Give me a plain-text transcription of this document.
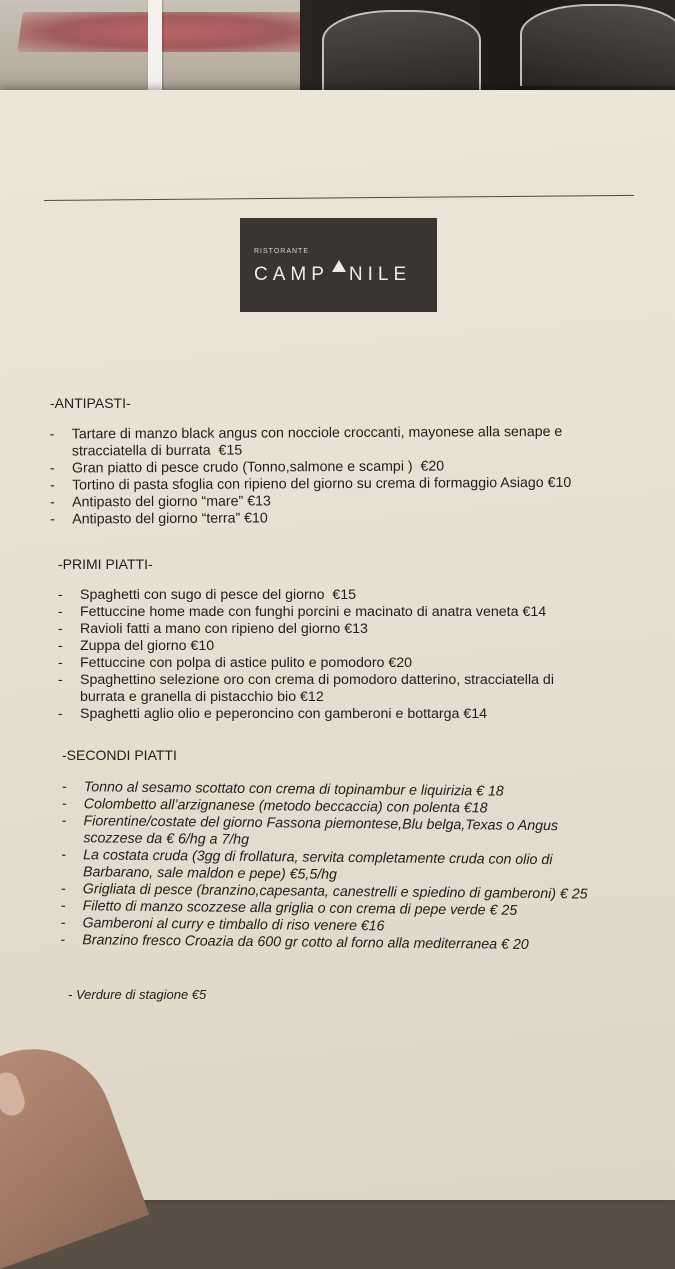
RISTORANTE
CAMP NILE
-ANTIPASTI-
- Tartare di manzo black angus con nocciole croccanti, mayonese alla senape e
stracciatella di burrata  €15
- Gran piatto di pesce crudo (Tonno,salmone e scampi )  €20
- Tortino di pasta sfoglia con ripieno del giorno su crema di formaggio Asiago €10
- Antipasto del giorno “mare” €13
- Antipasto del giorno “terra” €10
-PRIMI PIATTI-
- Spaghetti con sugo di pesce del giorno  €15
- Fettuccine home made con funghi porcini e macinato di anatra veneta €14
- Ravioli fatti a mano con ripieno del giorno €13
- Zuppa del giorno €10
- Fettuccine con polpa di astice pulito e pomodoro €20
- Spaghettino selezione oro con crema di pomodoro datterino, stracciatella di
burrata e granella di pistacchio bio €12
- Spaghetti aglio olio e peperoncino con gamberoni e bottarga €14
-SECONDI PIATTI
- Tonno al sesamo scottato con crema di topinambur e liquirizia € 18
- Colombetto all’arzignanese (metodo beccaccia) con polenta €18
- Fiorentine/costate del giorno Fassona piemontese,Blu belga,Texas o Angus
scozzese da € 6/hg a 7/hg
- La costata cruda (3gg di frollatura, servita completamente cruda con olio di
Barbarano, sale maldon e pepe) €5,5/hg
- Grigliata di pesce (branzino,capesanta, canestrelli e spiedino di gamberoni) € 25
- Filetto di manzo scozzese alla griglia o con crema di pepe verde € 25
- Gamberoni al curry e timballo di riso venere €16
- Branzino fresco Croazia da 600 gr cotto al forno alla mediterranea € 20
- Verdure di stagione €5
